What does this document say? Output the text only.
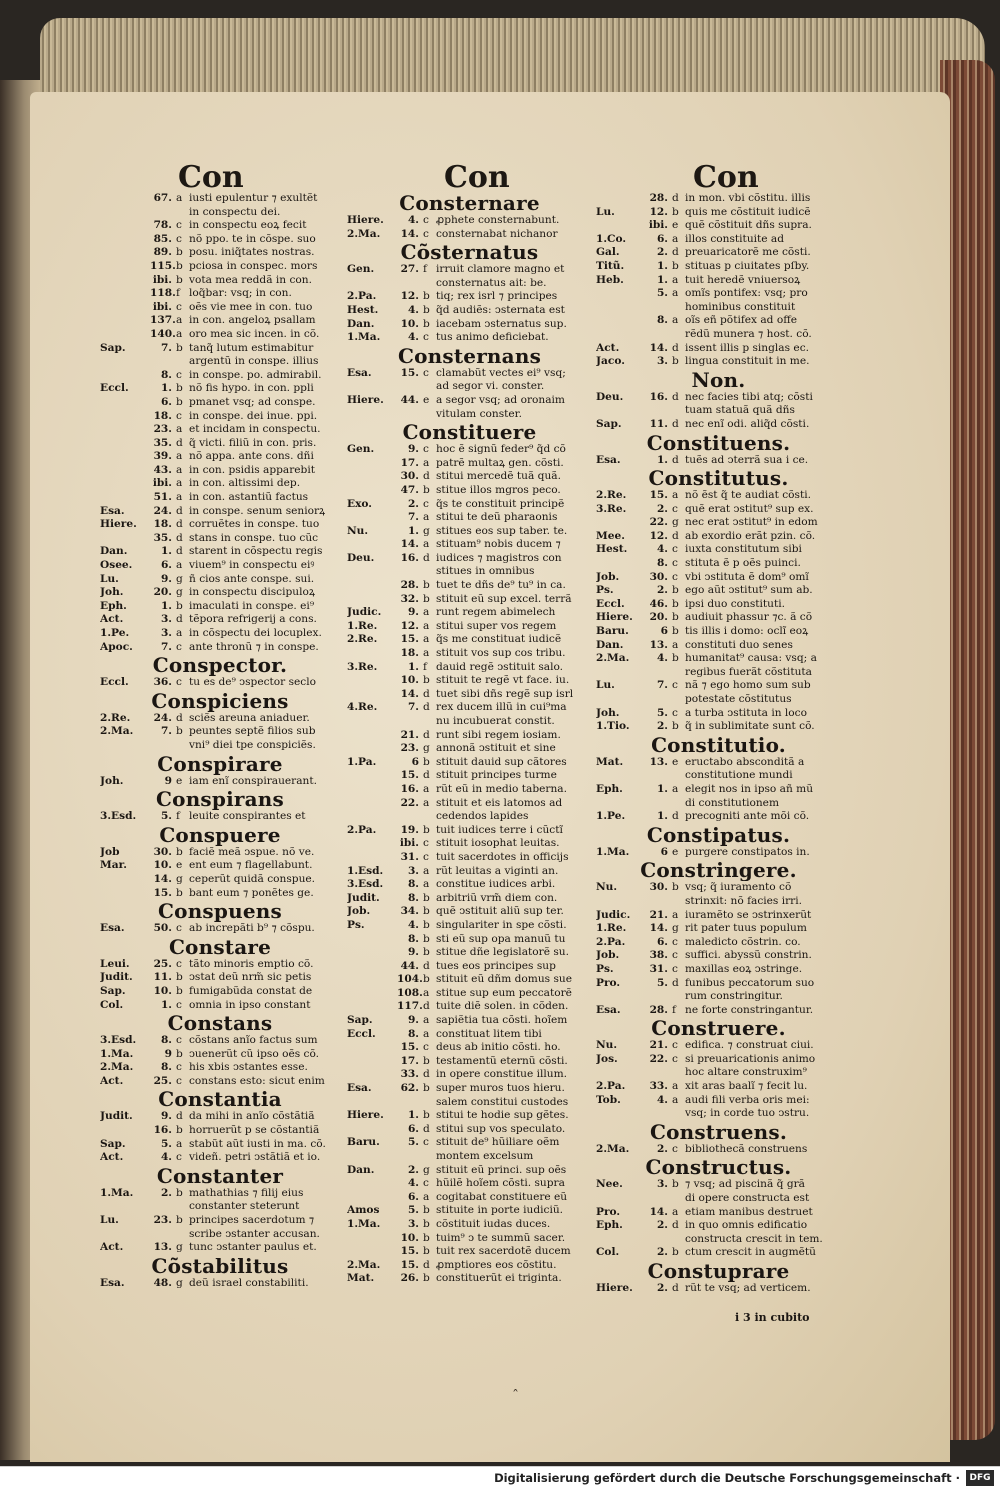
Con	Con	Con
67. a iusti epulentur ⁊ exultẽt
in conspectu dei.
78. c in conspectu eoꝝ fecit
85. c nõ ppo. te in cõspe. suo
89. b posu. iniq̃tates nostras.
115. b pciosa in conspec. mors
ibi. b vota mea reddã in con.
118. f loq̃bar: vsq; in con.
ibi. c oẽs vie mee in con. tuo
137. a in con. angeloꝝ psallam
140. a oro mea sic incen. in cõ.
Sap.	7. b tanq̃ lutum estimabitur
argentũ in conspe. illius
8. c in conspe. po. admirabil.
Eccl.	1. b nõ fis hypo. in con. ppli
6. b pmanet vsq; ad conspe.
18. c in conspe. dei inue. ppi.
23. a et incidam in conspectu.
35. d q̃ victi. filiũ in con. pris.
39. a nõ appa. ante cons. dñi
43. a in con. psidis apparebit
ibi. a in con. altissimi dep.
51. a in con. astantiũ factus
Esa.	24. d in conspe. senum seniorꝝ
Hiere.	18. d corruẽtes in conspe. tuo
35. d stans in conspe. tuo cũc
Dan.	1. d starent in cõspectu regis
Osee.	6. a viuem⁹ in conspectu eiꝰ
Lu.	9. g ñ cios ante conspe. sui.
Joh.	20. g in conspectu discipuloꝝ
Eph.	1. b imaculati in conspe. ei⁹
Act.	3. d tẽpora refrigerij a cons.
1.Pe.	3. a in cõspectu dei locuplex.
Apoc.	7. c ante thronũ ⁊ in conspe.
Conspector.
Eccl.	36. c tu es de⁹ ↄspector seclo
Conspiciens
2.Re.	24. d sciẽs areuna aniaduer.
2.Ma.	7. b peuntes septẽ filios sub
vni⁹ diei tpe conspiciẽs.
Conspirare
Joh.	9 e iam enĩ conspirauerant.
Conspirans
3.Esd.	5. f leuite conspirantes et
Conspuere
Job	30. b faciẽ meã ↄspue. nõ ve.
Mar.	10. e ent eum ⁊ flagellabunt.
14. g ceperũt quidã conspue.
15. b bant eum ⁊ ponẽtes ge.
Conspuens
Esa.	50. c ab increpãti b⁹ ⁊ cõspu.
Constare
Leui.	25. c tãto minoris emptio cõ.
Judit.	11. b ↄstat deũ nrm̃ sic petis
Sap.	10. b fumigabũda constat de
Col.	1. c omnia in ipso constant
Constans
3.Esd.	8. c cõstans anĩo factus sum
1.Ma.	9 b ↄuenerũt cũ ipso oẽs cõ.
2.Ma.	8. c his xbis ↄstantes esse.
Act.	25. c constans esto: sicut enim
Constantia
Judit.	9. d da mihi in anĩo cõstãtiã
16. b horruerũt p se cõstantiã
Sap.	5. a stabũt aũt iusti in ma. cõ.
Act.	4. c videñ. petri ↄstãtiã et io.
Constanter
1.Ma.	2. b mathathias ⁊ filij eius
constanter steterunt
Lu.	23. b principes sacerdotum ⁊
scribe ↄstanter accusan.
Act.	13. g tunc ↄstanter paulus et.
Cõstabilitus
Esa.	48. g deũ israel constabiliti.
Consternare
Hiere.	4. c ꝓphete consternabunt.
2.Ma.	14. c consternabat nichanor
Cõsternatus
Gen.	27. f irruit clamore magno et
consternatus ait: be.
2.Pa.	12. b tiq; rex isrl ⁊ principes
Hest.	4. b q̃d audiẽs: ↄsternata est
Dan.	10. b iacebam ↄsternatus sup.
1.Ma.	4. c tus animo deficiebat.
Consternans
Esa.	15. c clamabũt vectes ei⁹ vsq;
ad segor vi. conster.
Hiere.	44. e a segor vsq; ad oronaim
vitulam conster.
Constituere
Gen.	9. c hoc ẽ signũ feder⁹ q̃d cõ
17. a patrẽ multaꝝ gen. cõsti.
30. d stitui mercedẽ tuã quã.
47. b stitue illos mgros peco.
Exo.	2. c q̃s te constituit principẽ
7. a stitui te deũ pharaonis
Nu.	1. g stitues eos sup taber. te.
14. a stituam⁹ nobis ducem ⁊
Deu.	16. d iudices ⁊ magistros con
stitues in omnibus
28. b tuet te dñs de⁹ tu⁹ in ca.
32. b stituit eũ sup excel. terrã
Judic.	9. a runt regem abimelech
1.Re.	12. a stitui super vos regem
2.Re.	15. a q̃s me constituat iudicẽ
18. a stituit vos sup cos tribu.
3.Re.	1. f dauid regẽ ↄstituit salo.
10. b stituit te regẽ vt face. iu.
14. d tuet sibi dñs regẽ sup isrl
4.Re.	7. d rex ducem illũ in cui⁹ma
nu incubuerat constit.
21. d runt sibi regem iosiam.
23. g annonã ↄstituit et sine
1.Pa.	6 b stituit dauid sup cãtores
15. d stituit principes turme
16. a rũt eũ in medio taberna.
22. a stituit et eis latomos ad
cedendos lapides
2.Pa.	19. b tuit iudices terre i cũctĩ
ibi. c stituit iosophat leuitas.
31. c tuit sacerdotes in officijs
1.Esd.	3. a rũt leuitas a viginti an.
3.Esd.	8. a constitue iudices arbi.
Judit.	8. b arbitriũ vrm̃ diem con.
Job.	34. b quẽ ↄstituit aliũ sup ter.
Ps.	4. b singulariter in spe cõsti.
8. b sti eũ sup opa manuũ tu
9. b stitue dñe legislatorẽ su.
44. d tues eos principes sup
104. b stituit eũ dñm domus sue
108. a stitue sup eum peccatorẽ
117. d tuite diẽ solen. in cõden.
Sap.	9. a sapiẽtia tua cõsti. hoĩem
Eccl.	8. a constituat litem tibi
15. c deus ab initio cõsti. ho.
17. b testamentũ eternũ cõsti.
33. d in opere constitue illum.
Esa.	62. b super muros tuos hieru.
salem constitui custodes
Hiere.	1. b stitui te hodie sup gẽtes.
6. d stitui sup vos speculato.
Baru.	5. c stituit de⁹ hũiliare oẽm
montem excelsum
Dan.	2. g stituit eũ princi. sup oẽs
4. c hũilẽ hoĩem cõsti. supra
6. a cogitabat constituere eũ
Amos	5. b stituite in porte iudiciũ.
1.Ma.	3. b cõstituit iudas duces.
10. b tuim⁹ ↄ te summũ sacer.
15. b tuit rex sacerdotẽ ducem
2.Ma.	15. d ꝓmptiores eos cõstitu.
Mat.	26. b constituerũt ei triginta.
28. d in mon. vbi cõstitu. illis
Lu.	12. b quis me cõstituit iudicẽ
ibi. e quẽ cõstituit dñs supra.
1.Co.	6. a illos constituite ad
Gal.	2. d preuaricatorẽ me cõsti.
Titũ.	1. b stituas p ciuitates pſby.
Heb.	1. a tuit heredẽ vniuersoꝝ
5. a omĩs pontifex: vsq; pro
hominibus constituit
8. a oĩs eñ põtifex ad offe
rẽdũ munera ⁊ host. cõ.
Act.	14. d issent illis p singlas ec.
Jaco.	3. b lingua constituit in me.
Non.
Deu.	16. d nec facies tibi atq; cõsti
tuam statuã quã dñs
Sap.	11. d nec enĩ odi. aliq̃d cõsti.
Constituens.
Esa.	1. d tuẽs ad ↄterrã sua i ce.
Constitutus.
2.Re.	15. a nõ ẽst q̃ te audiat cõsti.
3.Re.	2. c quẽ erat ↄstitut⁹ sup ex.
22. g nec erat ↄstitut⁹ in edom
Mee.	12. d ab exordio erãt pzin. cõ.
Hest.	4. c iuxta constitutum sibi
8. c stituta ẽ p oẽs puinci.
Job.	30. c vbi ↄstituta ẽ dom⁹ omĩ
Ps.	2. b ego aũt ↄstitut⁹ sum ab.
Eccl.	46. b ipsi duo constituti.
Hiere.	20. b audiuit phassur ⁊c. ã cõ
Baru.	6 b tis illis i domo: oclĩ eoꝝ
Dan.	13. a constituti duo senes
2.Ma.	4. b humanitat⁹ causa: vsq; a
regibus fuerãt cõstituta
Lu.	7. c nã ⁊ ego homo sum sub
potestate cõstitutus
Joh.	5. c a turba ↄstituta in loco
1.Tio.	2. b q̃ in sublimitate sunt cõ.
Constitutio.
Mat.	13. e eructabo absconditã a
constitutione mundi
Eph.	1. a elegit nos in ipso añ mũ
di constitutionem
1.Pe.	1. d precogniti ante mõi cõ.
Constipatus.
1.Ma.	6 e purgere constipatos in.
Constringere.
Nu.	30. b vsq; q̃ iuramento cõ
strinxit: nõ facies irri.
Judic.	21. a iuramẽto se ↄstrinxerũt
1.Re.	14. g rit pater tuus populum
2.Pa.	6. c maledicto cõstrin. co.
Job.	38. c suffici. abyssũ constrin.
Ps.	31. c maxillas eoꝝ ↄstringe.
Pro.	5. d funibus peccatorum suo
rum constringitur.
Esa.	28. f ne forte constringantur.
Construere.
Nu.	21. c edifica. ⁊ construat ciui.
Jos.	22. c si preuaricationis animo
hoc altare construxim⁹
2.Pa.	33. a xit aras baalĩ ⁊ fecit lu.
Tob.	4. a audi fili verba oris mei:
vsq; in corde tuo ↄstru.
Construens.
2.Ma.	2. c bibliothecã construens
Constructus.
Nee.	3. b ⁊ vsq; ad piscinã q̃ grã
di opere constructa est
Pro.	14. a etiam manibus destruet
Eph.	2. d in quo omnis edificatio
constructa crescit in tem.
Col.	2. b ctum crescit in augmẽtũ
Constuprare
Hiere.	2. d rũt te vsq; ad verticem.
i 3 in cubito
ˆ
Digitalisierung gefördert durch die Deutsche Forschungsgemeinschaft ·	DFG
